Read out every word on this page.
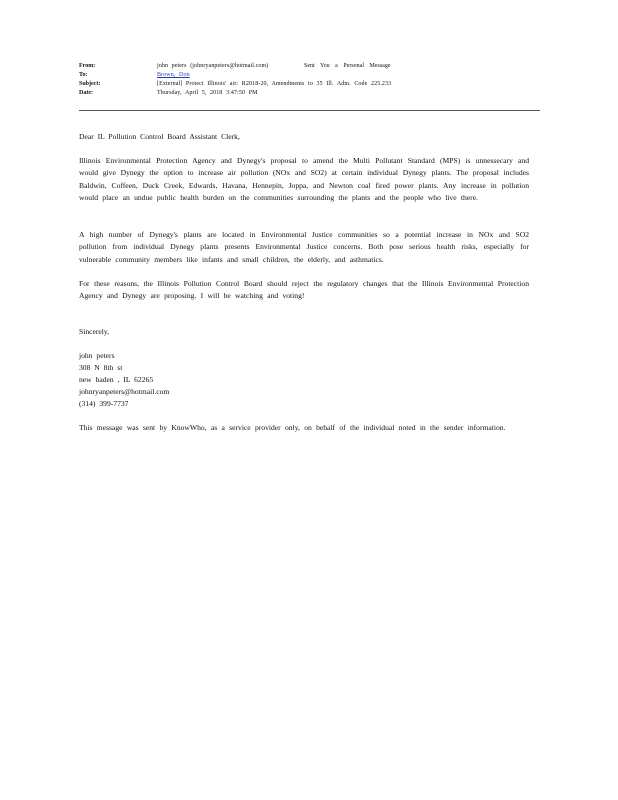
From:	john peters (johnryanpeters@hotmail.com)	Sent You a Personal Message
To:	Brown, Don
Subject:	[External] Protect Illinois' air: R2018-20, Amendments to 35 Ill. Adm. Code 225.233
Date:	Thursday, April 5, 2018 3:47:50 PM
Dear IL Pollution Control Board Assistant Clerk,
Illinois Environmental Protection Agency and Dynegy's proposal to amend the Multi Pollutant Standard (MPS) is unnessecary and would give Dynegy the option to increase air pollution (NOx and SO2) at certain individual Dynegy plants. The proposal includes Baldwin, Coffeen, Duck Creek, Edwards, Havana, Hennepin, Joppa, and Newton coal fired power plants. Any increase in pollution would place an undue public health burden on the communities surrounding the plants and the people who live there.
A high number of Dynegy's plants are located in Environmental Justice communities so a potential increase in NOx and SO2 pollution from individual Dynegy plants presents Environmental Justice concerns. Both pose serious health risks, especially for vulnerable community members like infants and small children, the elderly, and asthmatics.
For these reasons, the Illinois Pollution Control Board should reject the regulatory changes that the Illinois Environmental Protection Agency and Dynegy are proposing. I will be watching and voting!
Sincerely,
john peters
308 N 8th st
new baden , IL 62265
johnryanpeters@hotmail.com
(314) 399-7737
This message was sent by KnowWho, as a service provider only, on behalf of the individual noted in the sender information.
